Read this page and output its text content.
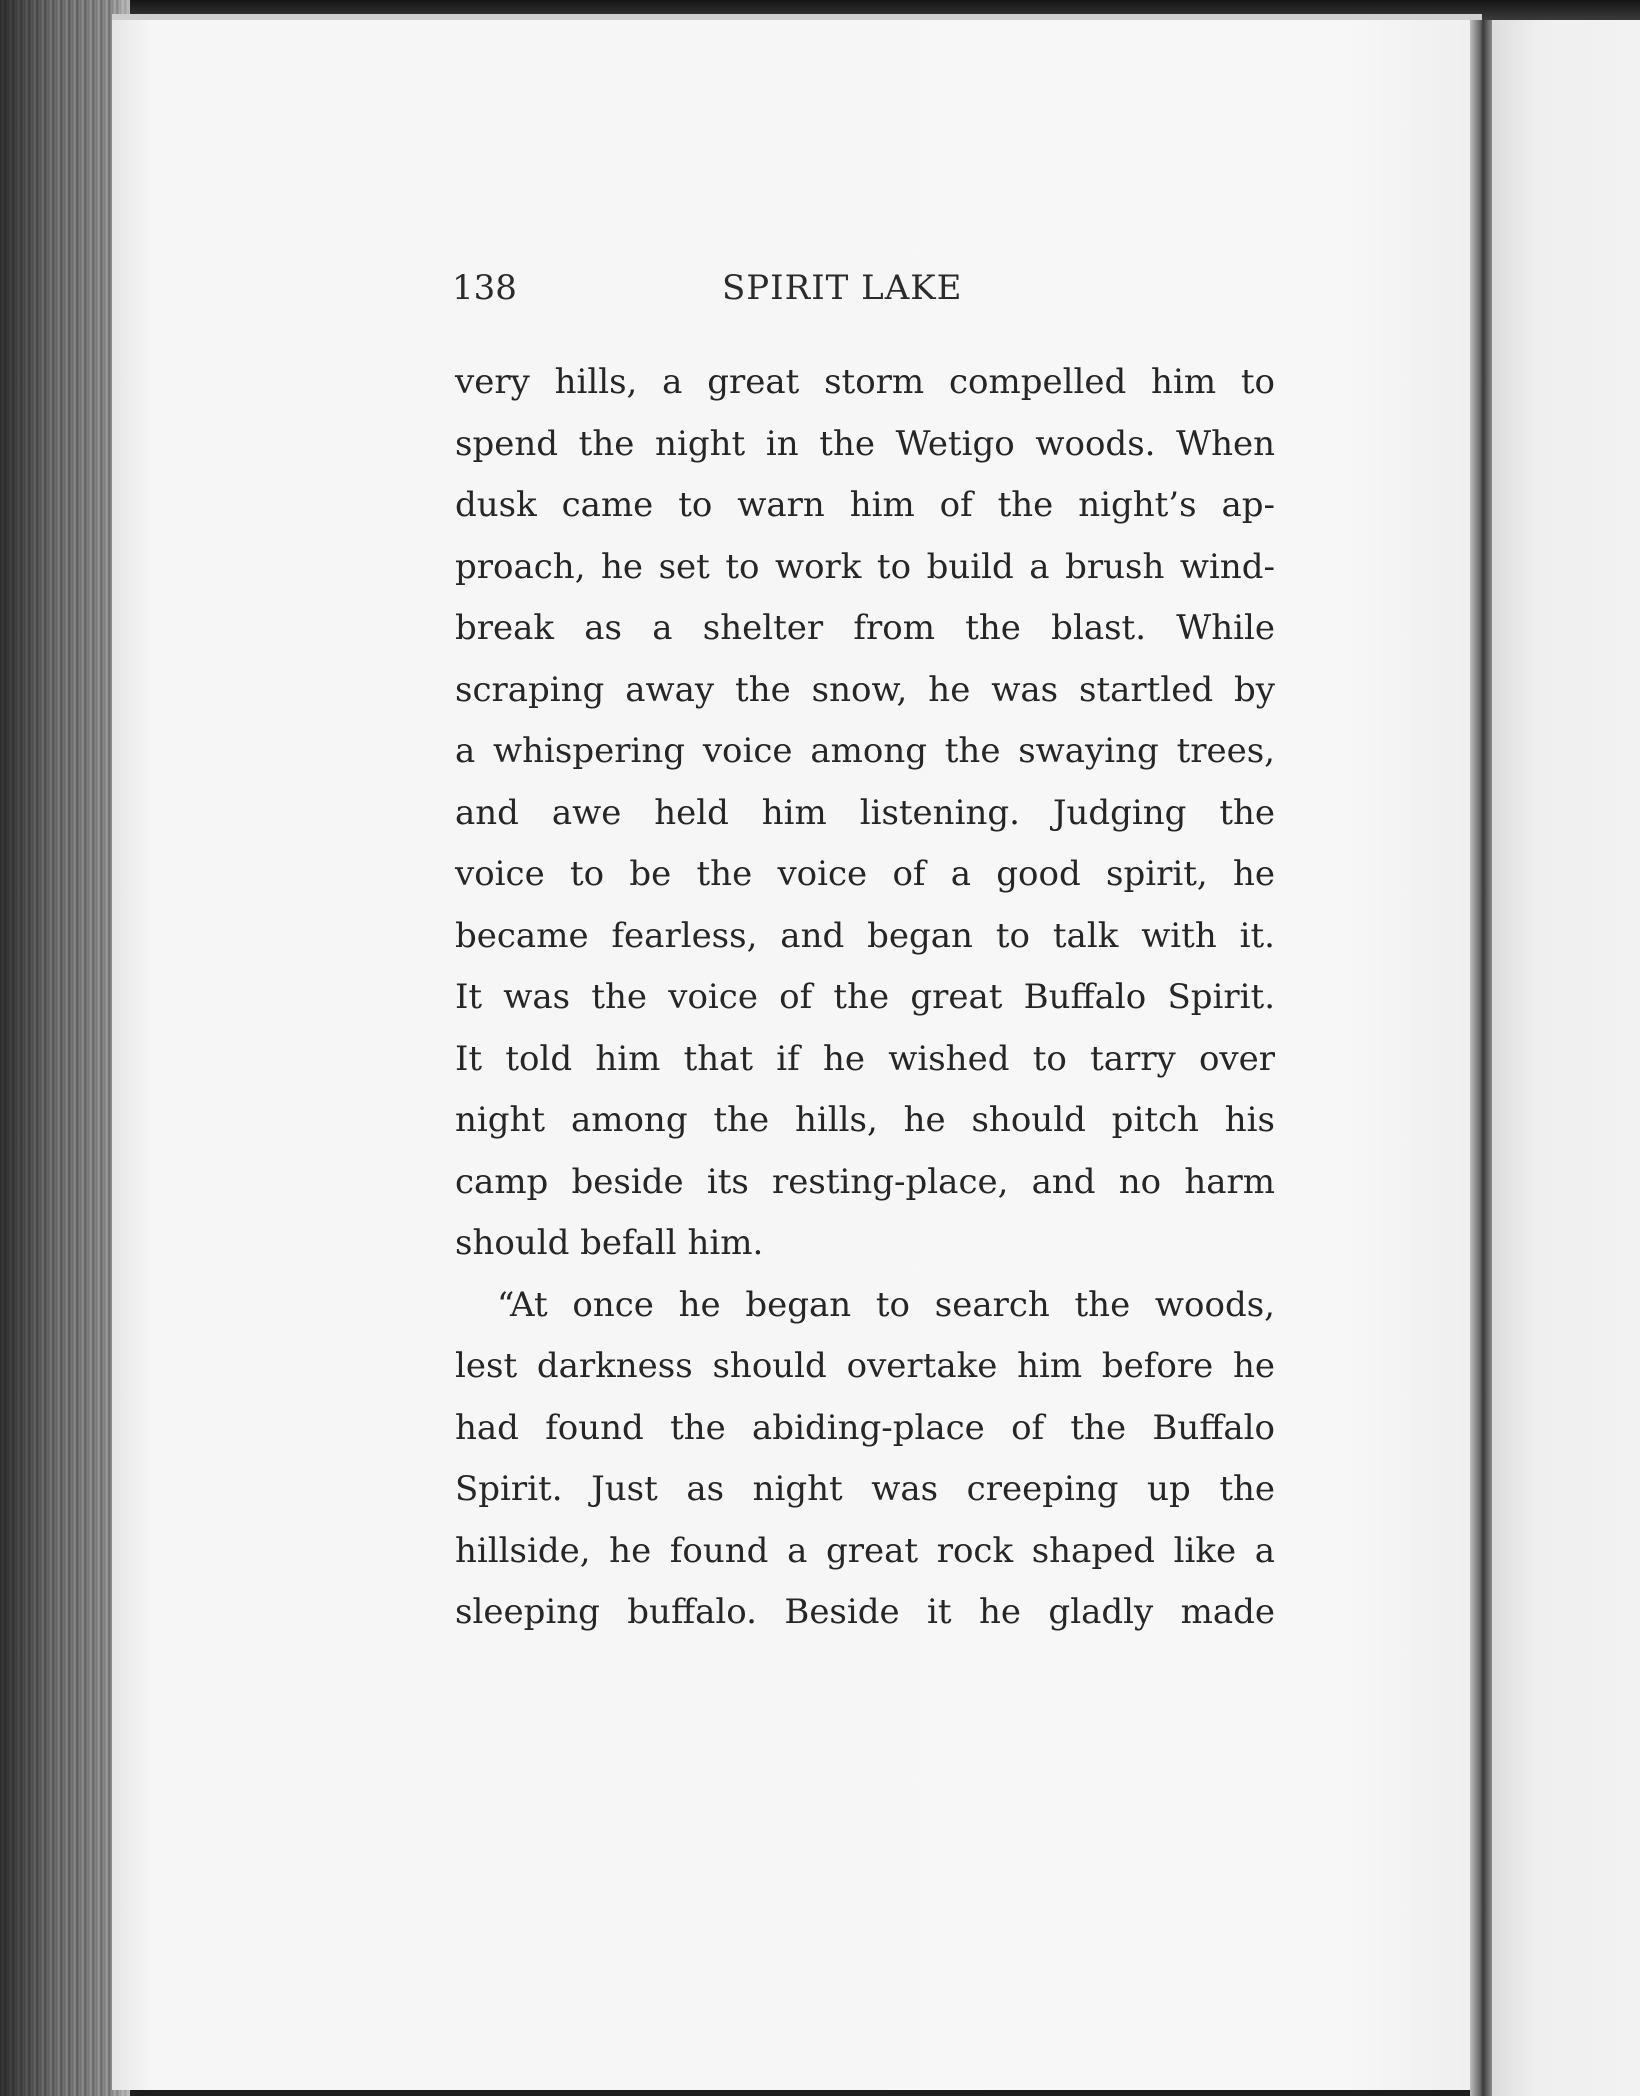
138	SPIRIT LAKE
very hills, a great storm compelled him to
spend the night in the Wetigo woods. When
dusk came to warn him of the night’s ap-
proach, he set to work to build a brush wind-
break as a shelter from the blast. While
scraping away the snow, he was startled by
a whispering voice among the swaying trees,
and awe held him listening. Judging the
voice to be the voice of a good spirit, he
became fearless, and began to talk with it.
It was the voice of the great Buffalo Spirit.
It told him that if he wished to tarry over
night among the hills, he should pitch his
camp beside its resting-place, and no harm
should befall him.
“At once he began to search the woods,
lest darkness should overtake him before he
had found the abiding-place of the Buffalo
Spirit. Just as night was creeping up the
hillside, he found a great rock shaped like a
sleeping buffalo. Beside it he gladly made
